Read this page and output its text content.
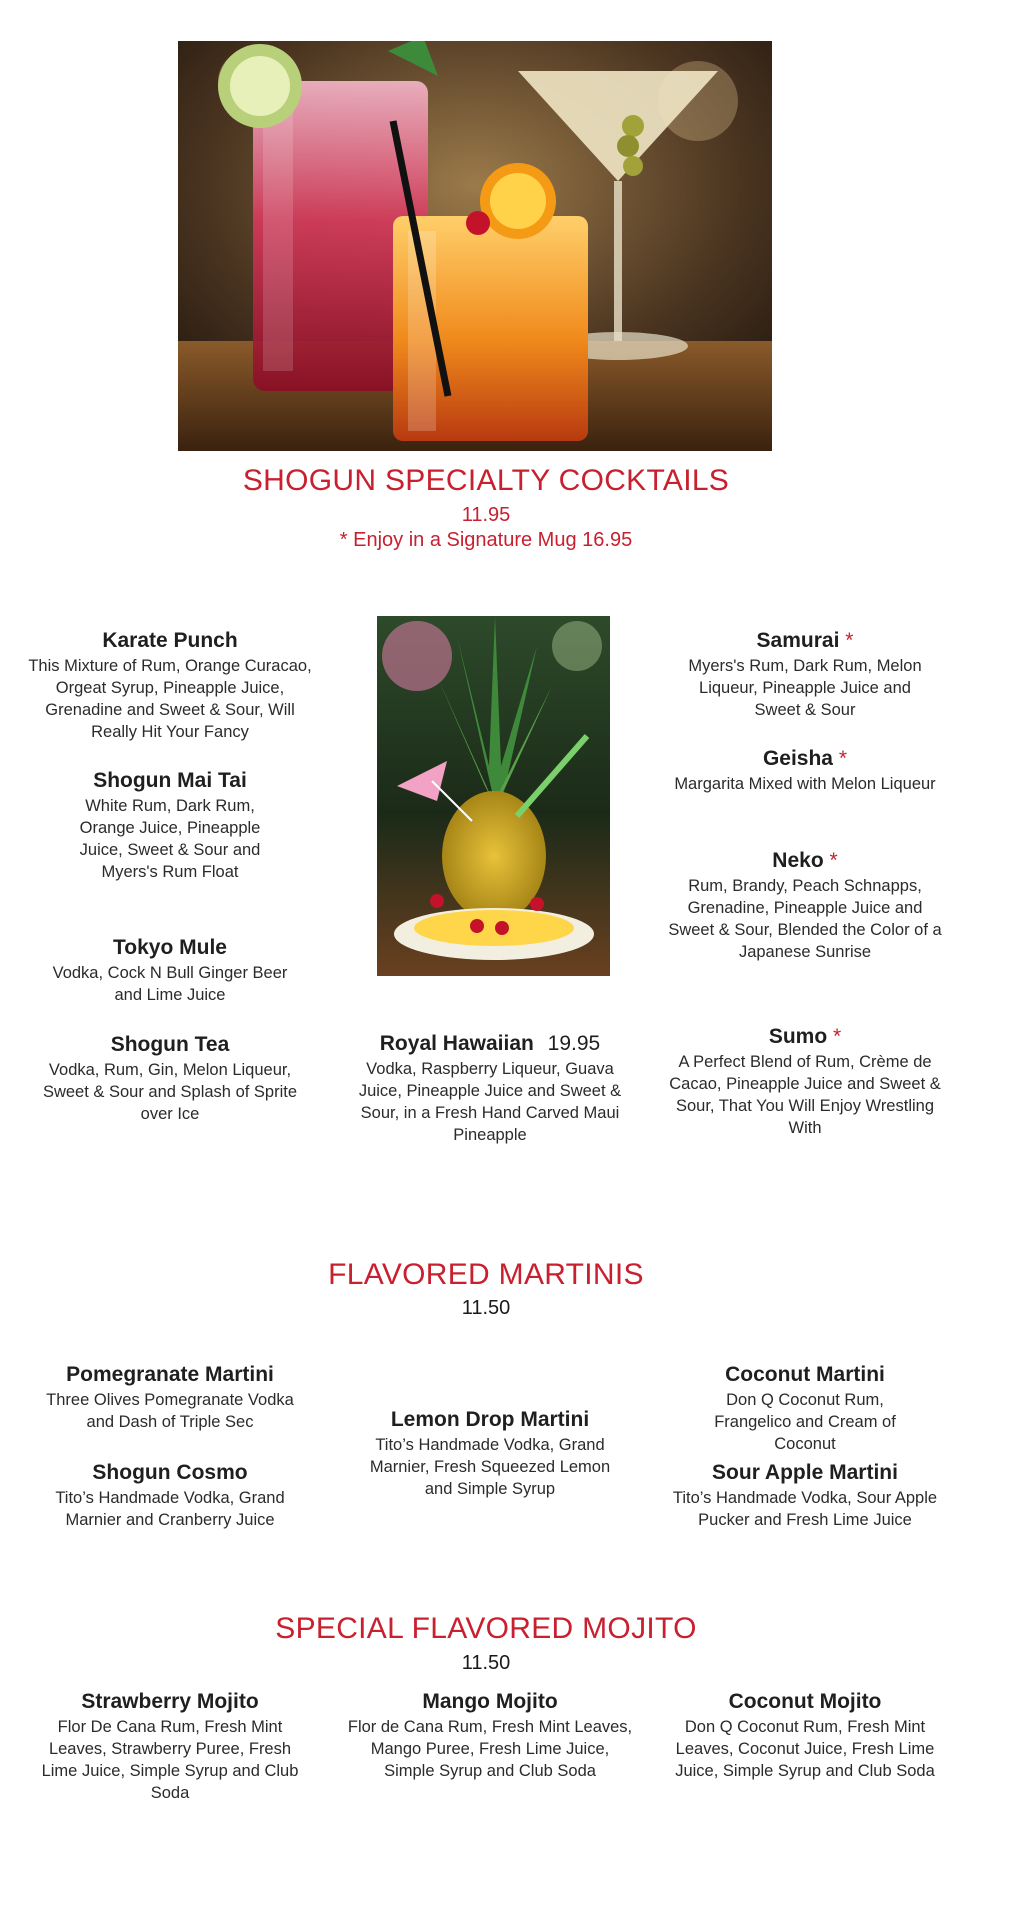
SHOGUN SPECIALTY COCKTAILS
11.95
* Enjoy in a Signature Mug 16.95
Karate Punch
This Mixture of Rum, Orange Curacao, Orgeat Syrup, Pineapple Juice, Grenadine and Sweet & Sour, Will Really Hit Your Fancy
Shogun Mai Tai
White Rum, Dark Rum, Orange Juice, Pineapple Juice, Sweet & Sour and Myers's Rum Float
Tokyo Mule
Vodka, Cock N Bull Ginger Beer and Lime Juice
Shogun Tea
Vodka, Rum, Gin, Melon Liqueur, Sweet & Sour and Splash of Sprite over Ice
Royal Hawaiian 19.95
Vodka, Raspberry Liqueur, Guava Juice, Pineapple Juice and Sweet & Sour, in a Fresh Hand Carved Maui Pineapple
Samurai *
Myers's Rum, Dark Rum, Melon Liqueur, Pineapple Juice and Sweet & Sour
Geisha *
Margarita Mixed with Melon Liqueur
Neko *
Rum, Brandy, Peach Schnapps, Grenadine, Pineapple Juice and Sweet & Sour, Blended the Color of a Japanese Sunrise
Sumo *
A Perfect Blend of Rum, Crème de Cacao, Pineapple Juice and Sweet & Sour, That You Will Enjoy Wrestling With
FLAVORED MARTINIS
11.50
Pomegranate Martini
Three Olives Pomegranate Vodka and Dash of Triple Sec
Shogun Cosmo
Tito’s Handmade Vodka, Grand Marnier and Cranberry Juice
Lemon Drop Martini
Tito’s Handmade Vodka, Grand Marnier, Fresh Squeezed Lemon and Simple Syrup
Coconut Martini
Don Q Coconut Rum, Frangelico and Cream of Coconut
Sour Apple Martini
Tito’s Handmade Vodka, Sour Apple Pucker and Fresh Lime Juice
SPECIAL FLAVORED MOJITO
11.50
Strawberry Mojito
Flor De Cana Rum, Fresh Mint Leaves, Strawberry Puree, Fresh Lime Juice, Simple Syrup and Club Soda
Mango Mojito
Flor de Cana Rum, Fresh Mint Leaves, Mango Puree, Fresh Lime Juice, Simple Syrup and Club Soda
Coconut Mojito
Don Q Coconut Rum, Fresh Mint Leaves, Coconut Juice, Fresh Lime Juice, Simple Syrup and Club Soda
